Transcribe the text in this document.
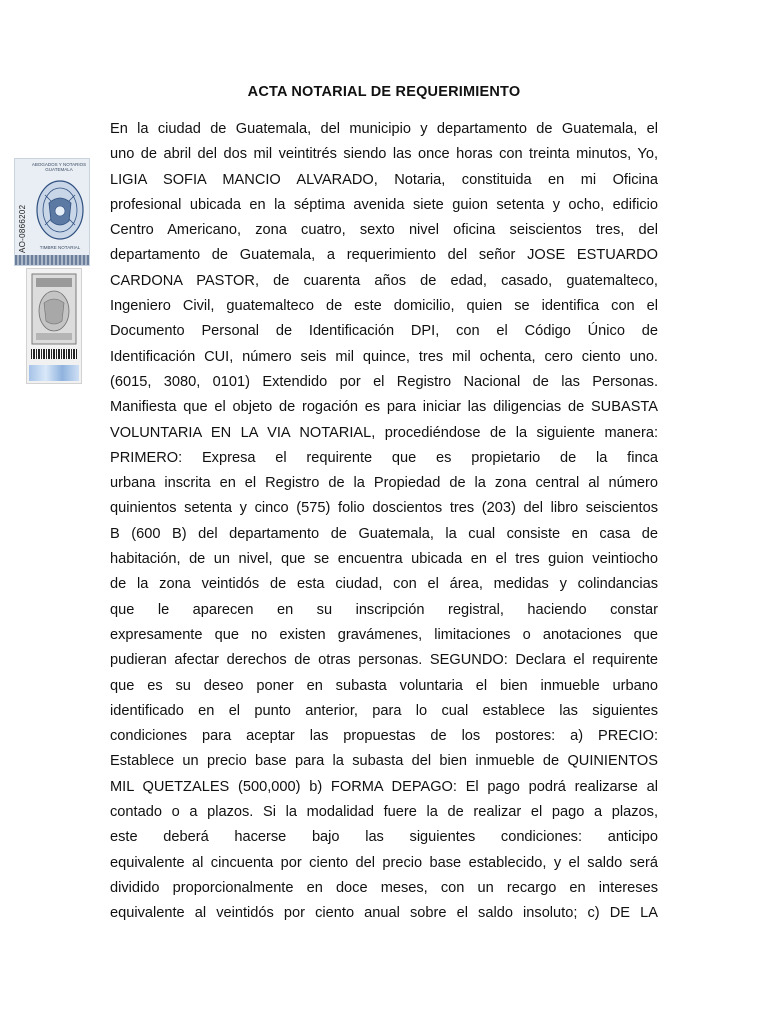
ACTA NOTARIAL DE REQUERIMIENTO
En la ciudad de Guatemala, del municipio y departamento de Guatemala, el
uno de abril del dos mil veintitrés siendo las once horas con treinta minutos, Yo,
LIGIA SOFIA MANCIO ALVARADO, Notaria, constituida en mi Oficina
profesional ubicada en la séptima avenida siete guion setenta y ocho, edificio
Centro Americano, zona cuatro, sexto nivel oficina seiscientos tres, del
departamento de Guatemala, a requerimiento del señor JOSE ESTUARDO
CARDONA PASTOR, de cuarenta años de edad, casado, guatemalteco,
Ingeniero Civil, guatemalteco de este domicilio, quien se identifica con el
Documento Personal de Identificación DPI, con el Código Único de
Identificación CUI, número seis mil quince, tres mil ochenta, cero ciento uno.
(6015, 3080, 0101) Extendido por el Registro Nacional de las Personas.
Manifiesta que el objeto de rogación es para iniciar las diligencias de SUBASTA
VOLUNTARIA EN LA VIA NOTARIAL, procediéndose de la siguiente manera:
PRIMERO: Expresa el requirente que es propietario de la finca
urbana inscrita en el Registro de la Propiedad de la zona central al número
quinientos setenta y cinco (575) folio doscientos tres (203) del libro seiscientos
B (600 B) del departamento de Guatemala, la cual consiste en casa de
habitación, de un nivel, que se encuentra ubicada en el tres guion veintiocho
de la zona veintidós de esta ciudad, con el área, medidas y colindancias
que le aparecen en su inscripción registral, haciendo constar
expresamente que no existen gravámenes, limitaciones o anotaciones que
pudieran afectar derechos de otras personas. SEGUNDO: Declara el requirente
que es su deseo poner en subasta voluntaria el bien inmueble urbano
identificado en el punto anterior, para lo cual establece las siguientes
condiciones para aceptar las propuestas de los postores: a) PRECIO:
Establece un precio base para la subasta del bien inmueble de QUINIENTOS
MIL QUETZALES (500,000) b) FORMA DEPAGO: El pago podrá realizarse al
contado o a plazos. Si la modalidad fuere la de realizar el pago a plazos,
este deberá hacerse bajo las siguientes condiciones: anticipo
equivalente al cincuenta por ciento del precio base establecido, y el saldo será
dividido proporcionalmente en doce meses, con un recargo en intereses
equivalente al veintidós por ciento anual sobre el saldo insoluto; c) DE LA
AO-0866202
ABOGADOS Y NOTARIOS GUATEMALA
TIMBRE NOTARIAL
